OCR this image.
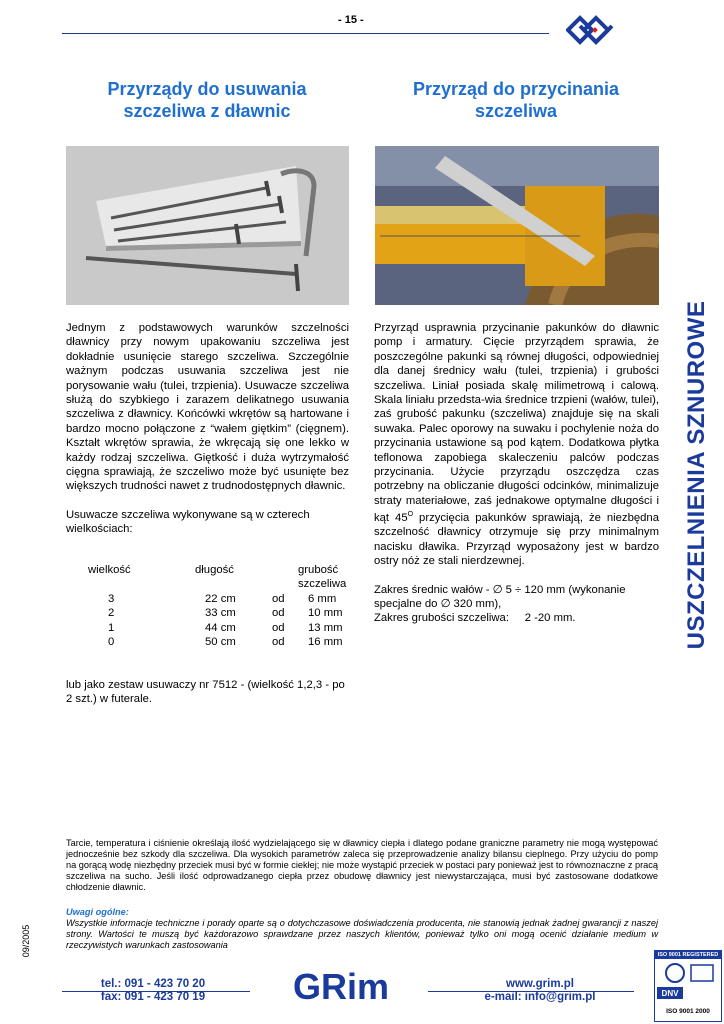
- 15 -
USZCZELNIENIA SZNUROWE
Przyrządy do usuwania szczeliwa z dławnic
Przyrząd do przycinania szczeliwa
Jednym z podstawowych warunków szczelności dławnicy przy nowym upakowaniu szczeliwa jest dokładnie usunięcie starego szczeliwa. Szczególnie ważnym podczas usuwania szczeliwa jest nie porysowanie wału (tulei, trzpienia). Usuwacze szczeliwa służą do szybkiego i zarazem delikatnego usuwania szczeliwa z dławnicy. Końcówki wkrętów są hartowane i bardzo mocno połączone z “wałem giętkim” (cięgnem). Kształt wkrętów sprawia, że wkręcają się one lekko w każdy rodzaj szczeliwa. Giętkość i duża wytrzymałość cięgna sprawiają, że szczeliwo może być usunięte bez większych trudności nawet z trudnodostępnych dławnic.
Usuwacze szczeliwa wykonywane są w czterech wielkościach:
wielkość	długość		grubość
szczeliwa
3	22 cm	od	6 mm
2	33 cm	od	10 mm
1	44 cm	od	13 mm
0	50 cm	od	16 mm
lub jako zestaw usuwaczy nr 7512 - (wielkość 1,2,3 - po 2 szt.) w futerale.
Przyrząd usprawnia przycinanie pakunków do dławnic pomp i armatury. Cięcie przyrządem sprawia, że poszczególne pakunki są równej długości, odpowiedniej dla danej średnicy wału (tulei, trzpienia) i grubości szczeliwa. Liniał posiada skalę milimetrową i calową. Skala liniału przedsta-wia średnice trzpieni (wałów, tulei), zaś grubość pakunku (szczeliwa) znajduje się na skali suwaka. Palec oporowy na suwaku i pochylenie noża do przycinania ustawione są pod kątem. Dodatkowa płytka teflonowa zapobiega skaleczeniu palców podczas przycinania. Użycie przyrządu oszczędza czas potrzebny na obliczanie długości odcinków, minimalizuje straty materiałowe, zaś jednakowe optymalne długości i kąt $45^O$ przycięcia pakunków sprawiają, że niezbędna szczelność dławnicy otrzymuje się przy minimalnym nacisku dławika. Przyrząd wyposażony jest w bardzo ostry nóż ze stali nierdzewnej.
Zakres średnic wałów - ∅ 5 ÷ 120 mm (wykonanie specjalne do ∅ 320 mm),
Zakres grubości szczeliwa: 2 -20 mm.
Tarcie, temperatura i ciśnienie określają ilość wydzielającego się w dławnicy ciepła i dlatego podane graniczne parametry nie mogą występować jednocześnie bez szkody dla szczeliwa. Dla wysokich parametrów zaleca się przeprowadzenie analizy bilansu cieplnego. Przy użyciu do pomp na gorącą wodę niezbędny przeciek musi być w formie ciekłej; nie może wystąpić przeciek w postaci pary ponieważ jest to równoznaczne z pracą szczeliwa na sucho. Jeśli ilość odprowadzanego ciepła przez obudowę dławnicy jest niewystarczająca, musi być zastosowane dodatkowe chłodzenie dławnic.
Uwagi ogólne:
Wszystkie informacje techniczne i porady oparte są o dotychczasowe doświadczenia producenta, nie stanowią jednak żadnej gwarancji z naszej strony. Wartości te muszą być każdorazowo sprawdzane przez naszych klientów, ponieważ tylko oni mogą ocenić działanie medium w rzeczywistych warunkach zastosowania
09/2005
tel.: 091 - 423 70 20
fax: 091 - 423 70 19
www.grim.pl
e-mail: info@grim.pl
GRim
ISO 9001 REGISTERED
DNV
ISO 9001 2000
